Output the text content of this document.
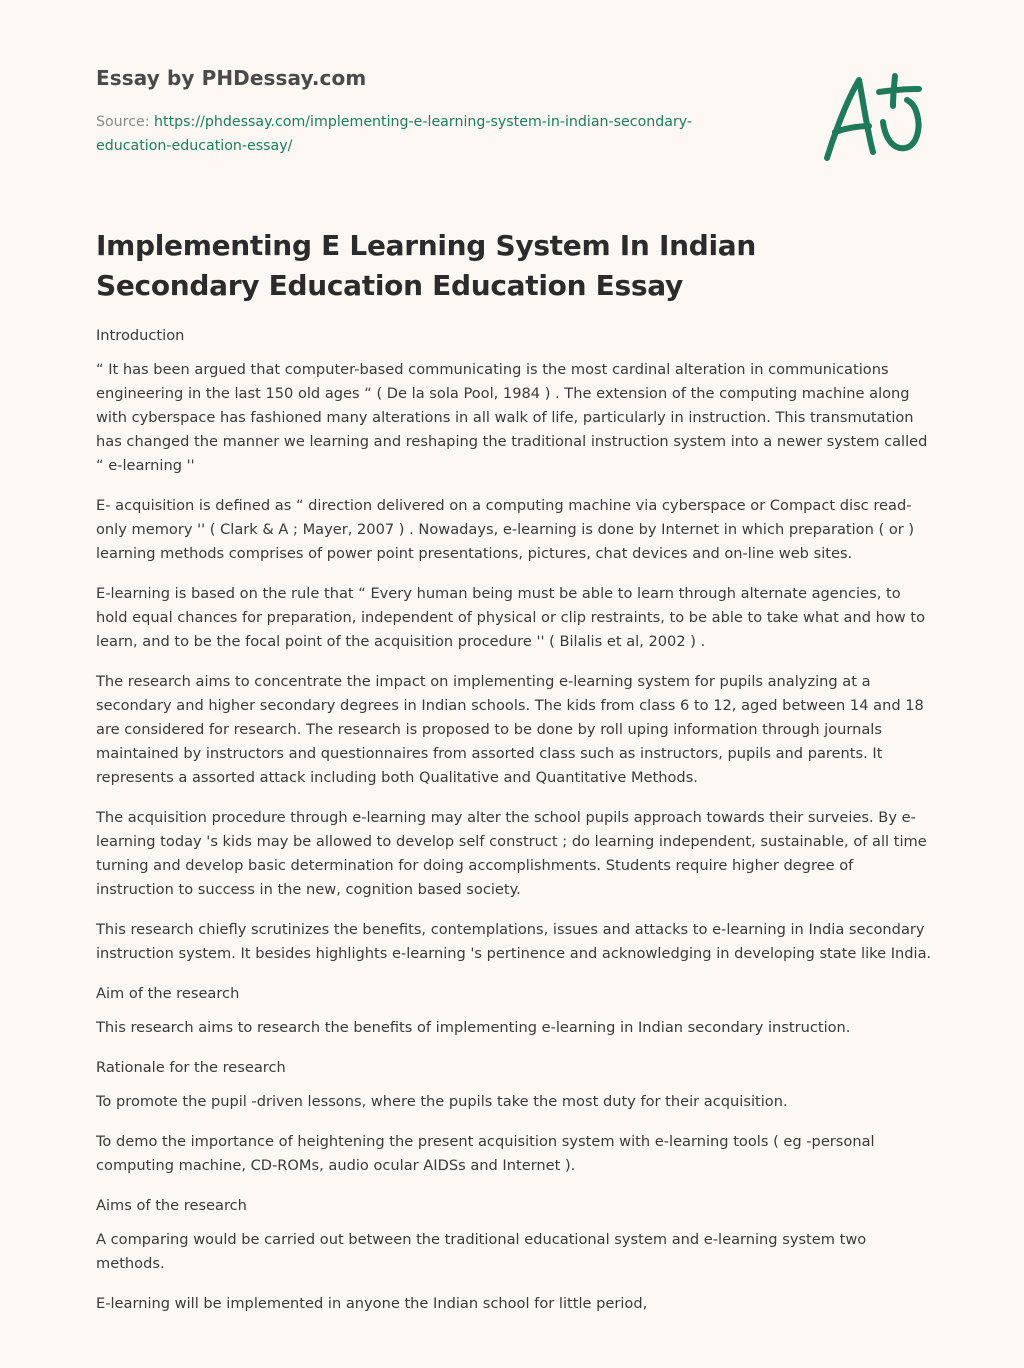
Essay by PHDessay.com
Source: https://phdessay.com/implementing-e-learning-system-in-indian-secondary-
education-education-essay/
Implementing E Learning System In Indian Secondary Education Education Essay

Introduction

“ It has been argued that computer-based communicating is the most cardinal alteration in communications engineering in the last 150 old ages “ ( De la sola Pool, 1984 ) . The extension of the computing machine along with cyberspace has fashioned many alterations in all walk of life, particularly in instruction. This transmutation has changed the manner we learning and reshaping the traditional instruction system into a newer system called “ e-learning ''

E- acquisition is defined as “ direction delivered on a computing machine via cyberspace or Compact disc read-only memory '' ( Clark & A ; Mayer, 2007 ) . Nowadays, e-learning is done by Internet in which preparation ( or ) learning methods comprises of power point presentations, pictures, chat devices and on-line web sites.

E-learning is based on the rule that “ Every human being must be able to learn through alternate agencies, to hold equal chances for preparation, independent of physical or clip restraints, to be able to take what and how to learn, and to be the focal point of the acquisition procedure '' ( Bilalis et al, 2002 ) .

The research aims to concentrate the impact on implementing e-learning system for pupils analyzing at a secondary and higher secondary degrees in Indian schools. The kids from class 6 to 12, aged between 14 and 18 are considered for research. The research is proposed to be done by roll uping information through journals maintained by instructors and questionnaires from assorted class such as instructors, pupils and parents. It represents a assorted attack including both Qualitative and Quantitative Methods.

The acquisition procedure through e-learning may alter the school pupils approach towards their surveies. By e-learning today 's kids may be allowed to develop self construct ; do learning independent, sustainable, of all time turning and develop basic determination for doing accomplishments. Students require higher degree of instruction to success in the new, cognition based society.

This research chiefly scrutinizes the benefits, contemplations, issues and attacks to e-learning in India secondary instruction system. It besides highlights e-learning 's pertinence and acknowledging in developing state like India.

Aim of the research

This research aims to research the benefits of implementing e-learning in Indian secondary instruction.

Rationale for the research

To promote the pupil -driven lessons, where the pupils take the most duty for their acquisition.

To demo the importance of heightening the present acquisition system with e-learning tools ( eg -personal computing machine, CD-ROMs, audio ocular AIDSs and Internet ).

Aims of the research

A comparing would be carried out between the traditional educational system and e-learning system two methods.

E-learning will be implemented in anyone the Indian school for little period,
